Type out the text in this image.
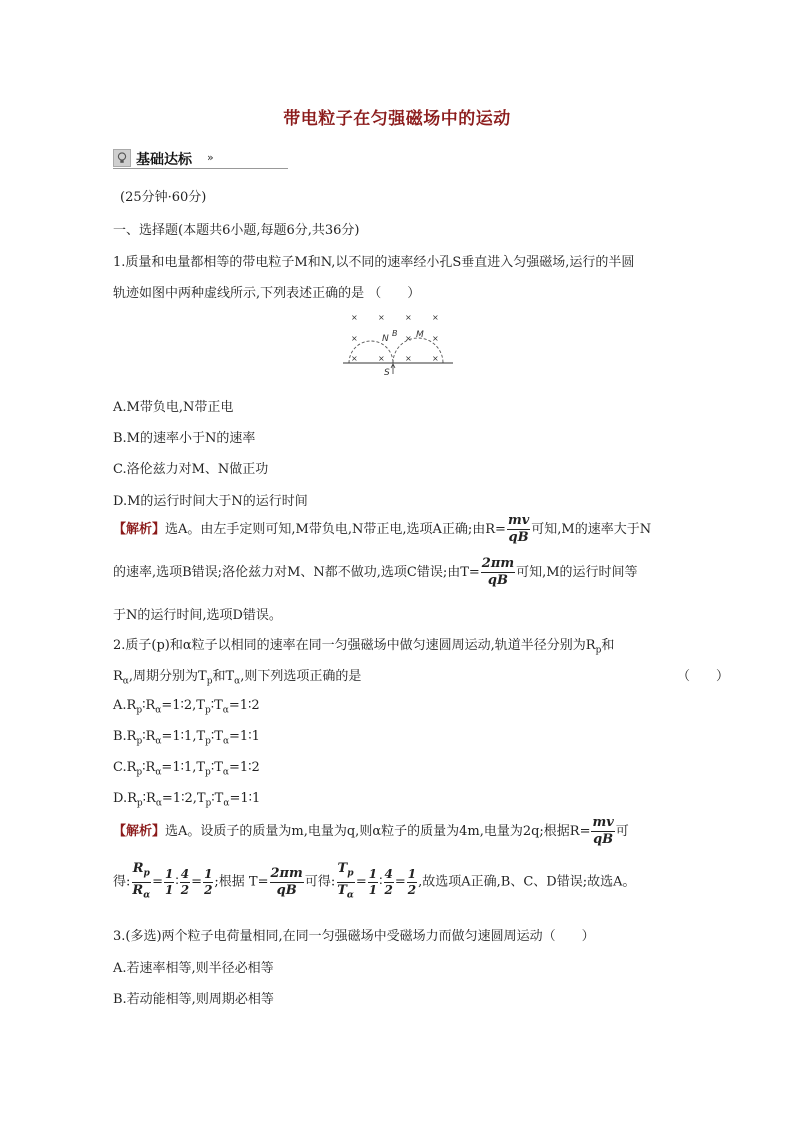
带电粒子在匀强磁场中的运动
基础达标 »
(25分钟·60分)
一、选择题(本题共6小题,每题6分,共36分)
1.质量和电量都相等的带电粒子M和N,以不同的速率经小孔S垂直进入匀强磁场,运行的半圆
轨迹如图中两种虚线所示,下列表述正确的是 （　　）
×	×	×	×
×	N
B
× M ×
×	×	×	×
S
A.M带负电,N带正电
B.M的速率小于N的速率
C.洛伦兹力对M、N做正功
D.M的运行时间大于N的运行时间
【解析】选A。由左手定则可知,M带负电,N带正电,选项A正确;由$R= \frac{mv}{qB}$ 可知,M的速率大于N
的速率,选项B错误;洛伦兹力对M、N都不做功,选项C错误;由$T= \frac{2\pi m}{qB}$ 可知,M的运行时间等
于N的运行时间,选项D错误。
2.质子(p)和α粒子以相同的速率在同一匀强磁场中做匀速圆周运动,轨道半径分别为$R_p$和
$R_\alpha$,周期分别为$T_p$和$T_\alpha$,则下列选项正确的是	（　　）
$A.R_p∶R_\alpha=1∶2,T_p∶T_\alpha=1∶2$
$B.R_p∶R_\alpha=1∶1,T_p∶T_\alpha=1∶1$
$C.R_p∶R_\alpha=1∶1,T_p∶T_\alpha=1∶2$
$D.R_p∶R_\alpha=1∶2,T_p∶T_\alpha=1∶1$
【解析】选A。设质子的质量为m,电量为q,则α粒子的质量为4m,电量为2q;根据$R= \frac{mv}{qB}$ 可
得: $\frac{R_p}{R_\alpha} = \frac{1}{1}$ ∶ $\frac{4}{2} = \frac{1}{2}$ ;根据 $T= \frac{2\pi m}{qB}$ 可得: $\frac{T_p}{T_\alpha} = \frac{1}{1}$ ∶ $\frac{4}{2} = \frac{1}{2}$ ,故选项A正确,B、C、D错误;故选A。
3.(多选)两个粒子电荷量相同,在同一匀强磁场中受磁场力而做匀速圆周运动（　　）
A.若速率相等,则半径必相等
B.若动能相等,则周期必相等
